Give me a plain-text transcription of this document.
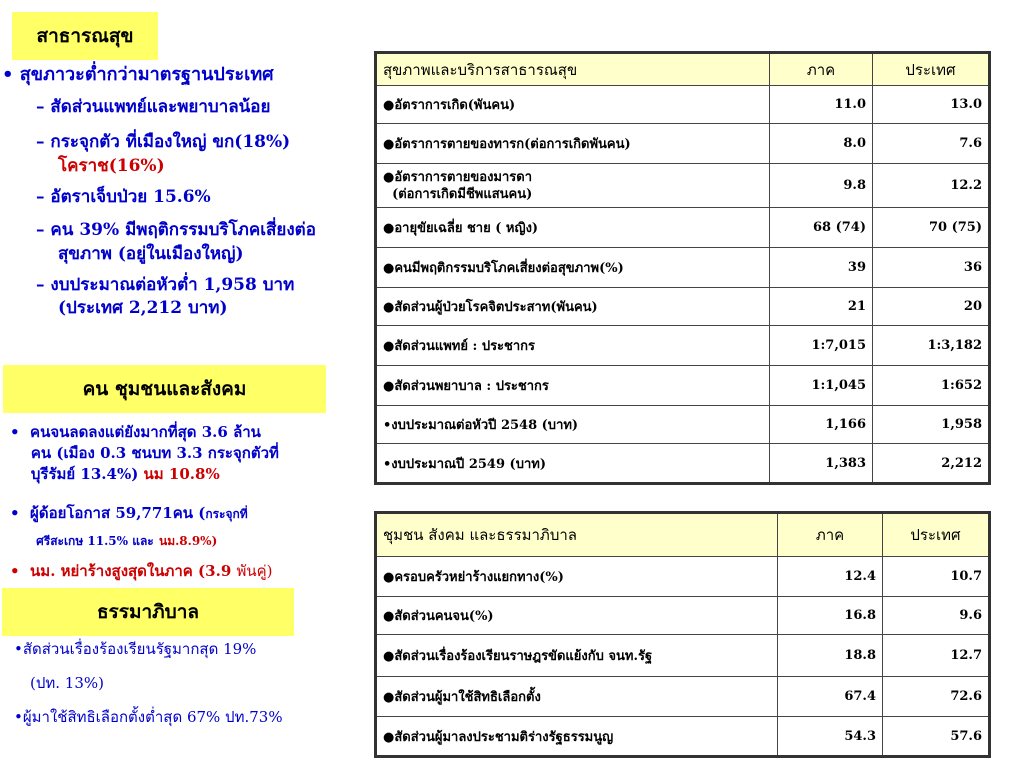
สาธารณสุข
คน ชุมชนและสังคม
ธรรมาภิบาล
• สุขภาวะต่ำกว่ามาตรฐานประเทศ
– สัดส่วนแพทย์และพยาบาลน้อย
– กระจุกตัว ที่เมืองใหญ่ ขก(18%)
โคราช(16%)
– อัตราเจ็บป่วย 15.6%
– คน 39% มีพฤติกรรมบริโภคเสี่ยงต่อ
สุขภาพ (อยู่ในเมืองใหญ่)
– งบประมาณต่อหัวต่ำ 1,958 บาท
(ประเทศ 2,212 บาท)
•  คนจนลดลงแต่ยังมากที่สุด 3.6 ล้าน
คน (เมือง 0.3 ชนบท 3.3 กระจุกตัวที่
บุรีรัมย์ 13.4%) นม 10.8%
•  ผู้ด้อยโอกาส 59,771คน (กระจุกที่
ศรีสะเกษ 11.5% และ นม.8.9%)
•  นม. หย่าร้างสูงสุดในภาค (3.9 พันคู่)
•สัดส่วนเรื่องร้องเรียนรัฐมากสุด 19%
(ปท. 13%)
•ผู้มาใช้สิทธิเลือกตั้งต่ำสุด 67% ปท.73%
สุขภาพและบริการสาธารณสุข	ภาค	ประเทศ
●อัตราการเกิด(พันคน)	11.0	13.0
●อัตราการตายของทารก(ต่อการเกิดพันคน)	8.0	7.6
●อัตราการตายของมารดา
(ต่อการเกิดมีชีพแสนคน)	9.8	12.2
●อายุขัยเฉลี่ย ชาย ( หญิง)	68 (74)	70 (75)
●คนมีพฤติกรรมบริโภคเสี่ยงต่อสุขภาพ(%)	39	36
●สัดส่วนผู้ป่วยโรคจิตประสาท(พันคน)	21	20
●สัดส่วนแพทย์ : ประชากร	1:7,015	1:3,182
●สัดส่วนพยาบาล : ประชากร	1:1,045	1:652
•งบประมาณต่อหัวปี 2548 (บาท)	1,166	1,958
•งบประมาณปี 2549 (บาท)	1,383	2,212
ชุมชน สังคม และธรรมาภิบาล	ภาค	ประเทศ
●ครอบครัวหย่าร้างแยกทาง(%)	12.4	10.7
●สัดส่วนคนจน(%)	16.8	9.6
●สัดส่วนเรื่องร้องเรียนราษฎรขัดแย้งกับ จนท.รัฐ	18.8	12.7
●สัดส่วนผู้มาใช้สิทธิเลือกตั้ง	67.4	72.6
●สัดส่วนผู้มาลงประชามติร่างรัฐธรรมนูญ	54.3	57.6
